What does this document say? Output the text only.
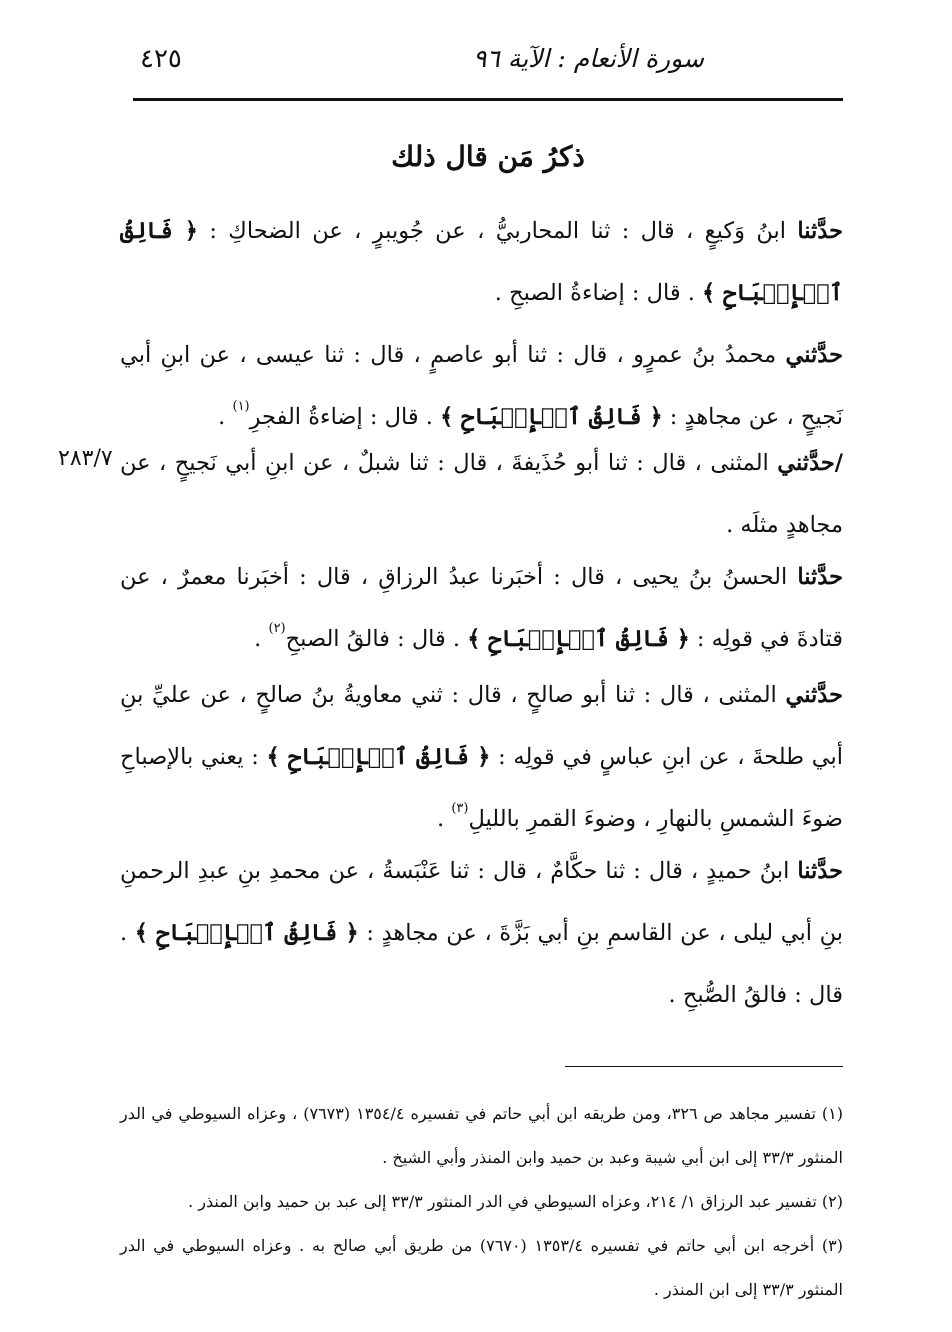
سورة الأنعام : الآية ٩٦
٤٢٥
ذكرُ مَن قال ذلك
حدَّثنا ابنُ وَكيعٍ ، قال : ثنا المحاربيُّ ، عن جُويبرٍ ، عن الضحاكِ : ﴿ فَالِقُ ٱلۡإِصۡبَاحِ ﴾ . قال : إضاءةُ الصبحِ .
حدَّثني محمدُ بنُ عمرٍو ، قال : ثنا أبو عاصمٍ ، قال : ثنا عيسى ، عن ابنِ أبي نَجيحٍ ، عن مجاهدٍ : ﴿ فَالِقُ ٱلۡإِصۡبَاحِ ﴾ . قال : إضاءةُ الفجرِ$^{(١)}$ .
٢٨٣/٧	/حدَّثني المثنى ، قال : ثنا أبو حُذَيفةَ ، قال : ثنا شبلٌ ، عن ابنِ أبي نَجيحٍ ، عن مجاهدٍ مثلَه .
حدَّثنا الحسنُ بنُ يحيى ، قال : أخبَرنا عبدُ الرزاقِ ، قال : أخبَرنا معمرٌ ، عن قتادةَ في قولِه : ﴿ فَالِقُ ٱلۡإِصۡبَاحِ ﴾ . قال : فالقُ الصبحِ$^{(٢)}$ .
حدَّثني المثنى ، قال : ثنا أبو صالحٍ ، قال : ثني معاويةُ بنُ صالحٍ ، عن عليِّ بنِ أبي طلحةَ ، عن ابنِ عباسٍ في قولِه : ﴿ فَالِقُ ٱلۡإِصۡبَاحِ ﴾ : يعني بالإصباحِ ضوءَ الشمسِ بالنهارِ ، وضوءَ القمرِ بالليلِ$^{(٣)}$ .
حدَّثنا ابنُ حميدٍ ، قال : ثنا حكَّامٌ ، قال : ثنا عَنْبَسةُ ، عن محمدِ بنِ عبدِ الرحمنِ بنِ أبي ليلى ، عن القاسمِ بنِ أبي بَزَّةَ ، عن مجاهدٍ : ﴿ فَالِقُ ٱلۡإِصۡبَاحِ ﴾ . قال : فالقُ الصُّبحِ .
(١) تفسير مجاهد ص ٣٢٦، ومن طريقه ابن أبي حاتم في تفسيره ١٣٥٤/٤ (٧٦٧٣) ، وعزاه السيوطي في الدر المنثور ٣٣/٣ إلى ابن أبي شيبة وعبد بن حميد وابن المنذر وأبي الشيخ .
(٢) تفسير عبد الرزاق ١/ ٢١٤، وعزاه السيوطي في الدر المنثور ٣٣/٣ إلى عبد بن حميد وابن المنذر .
(٣) أخرجه ابن أبي حاتم في تفسيره ١٣٥٣/٤ (٧٦٧٠) من طريق أبي صالح به . وعزاه السيوطي في الدر المنثور ٣٣/٣ إلى ابن المنذر .
